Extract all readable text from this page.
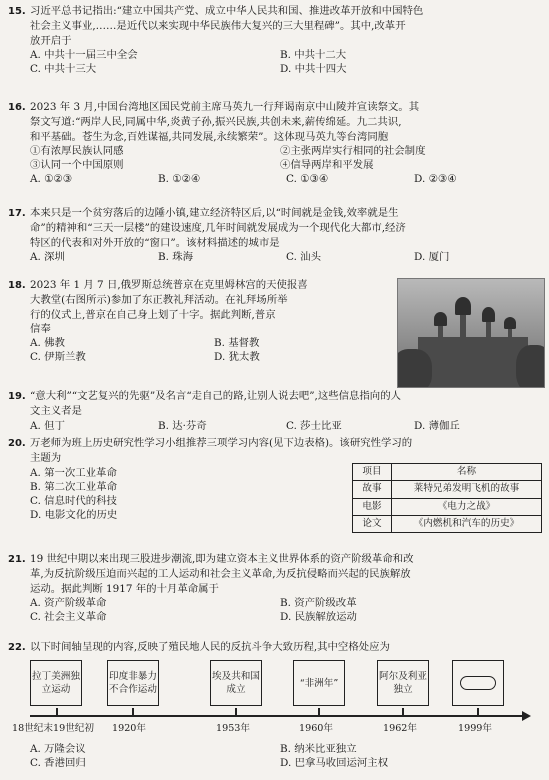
15. 习近平总书记指出:“建立中国共产党、成立中华人民共和国、推进改革开放和中国特色
社会主义事业,……是近代以来实现中华民族伟大复兴的三大里程碑”。其中,改革开
放开启于
A. 中共十一届三中全会	B. 中共十二大
C. 中共十三大	D. 中共十四大
16. 2023 年 3 月,中国台湾地区国民党前主席马英九一行拜谒南京中山陵并宣读祭文。其
祭文写道:“两岸人民,同属中华,炎黄子孙,振兴民族,共创未来,薪传绵延。九二共识,
和平基础。苍生为念,百姓谋福,共同发展,永续繁荣”。这体现马英九等台湾同胞
①有浓厚民族认同感	②主张两岸实行相同的社会制度
③认同一个中国原则	④信导两岸和平发展
A. ①②③	B. ①②④	C. ①③④	D. ②③④
17. 本来只是一个贫穷落后的边陲小镇,建立经济特区后,以“时间就是金钱,效率就是生
命”的精神和“三天一层楼”的建设速度,几年时间就发展成为一个现代化大都市,经济
特区的代表和对外开放的“窗口”。该材料描述的城市是
A. 深圳	B. 珠海	C. 汕头	D. 厦门
18. 2023 年 1 月 7 日,俄罗斯总统普京在克里姆林宫的天使报喜
大教堂(右图所示)参加了东正教礼拜活动。在礼拜场所举
行的仪式上,普京在自己身上划了十字。据此判断,普京
信奉
A. 佛教	B. 基督教
C. 伊斯兰教	D. 犹太教
19. “意大利”“文艺复兴的先驱”及名言“走自己的路,让别人说去吧”,这些信息指向的人
文主义者是
A. 但丁	B. 达·芬奇	C. 莎士比亚	D. 薄伽丘
20. 万老师为班上历史研究性学习小组推荐三项学习内容(见下边表格)。该研究性学习的
主题为
A. 第一次工业革命
B. 第二次工业革命
C. 信息时代的科技
D. 电影文化的历史
项目	名称
故事	莱特兄弟发明飞机的故事
电影	《电力之战》
论文	《内燃机和汽车的历史》
21. 19 世纪中期以来出现三股进步潮流,即为建立资本主义世界体系的资产阶级革命和改
革,为反抗阶级压迫而兴起的工人运动和社会主义革命,为反抗侵略而兴起的民族解放
运动。据此判断 1917 年的十月革命属于
A. 资产阶级革命	B. 资产阶级改革
C. 社会主义革命	D. 民族解放运动
22. 以下时间轴呈现的内容,反映了殖民地人民的反抗斗争大致历程,其中空格处应为
拉丁美洲独立运动
印度非暴力不合作运动
埃及共和国成立
“非洲年”
阿尔及利亚独立
18世纪末19世纪初 1920年	1953年	1960年	1962年	1999年
A. 万隆会议	B. 纳米比亚独立
C. 香港回归	D. 巴拿马收回运河主权
